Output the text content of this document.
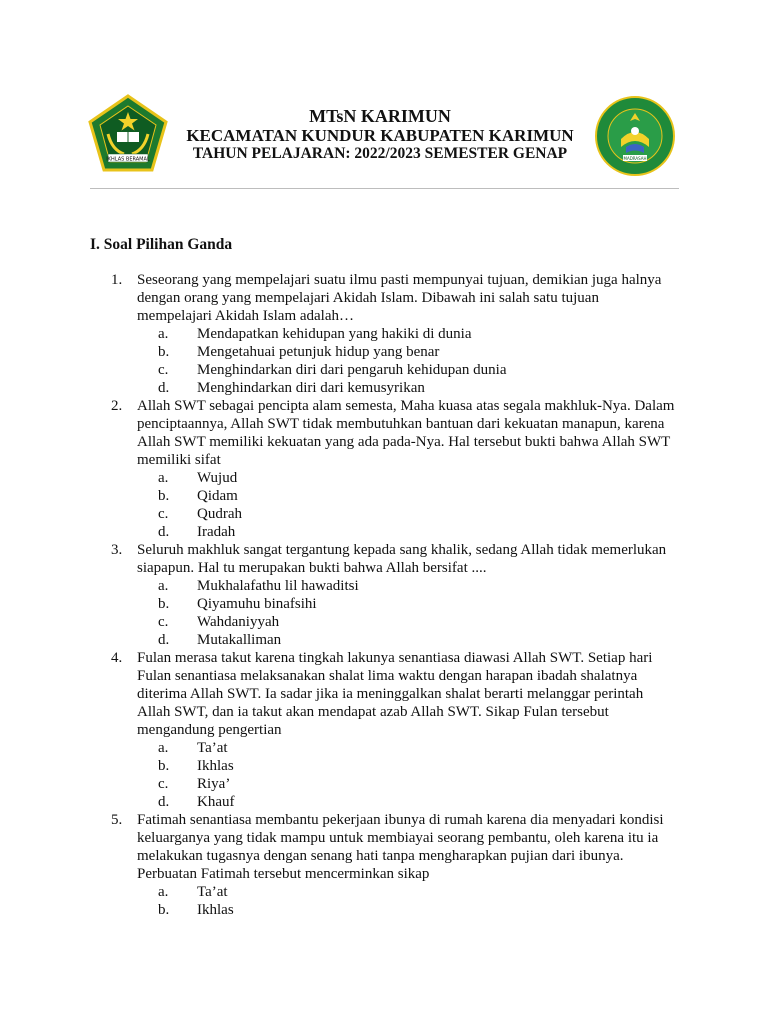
IKHLAS BERAMAL	MADRASAH
MTsN KARIMUN
KECAMATAN KUNDUR KABUPATEN KARIMUN
TAHUN PELAJARAN: 2022/2023 SEMESTER GENAP
I. Soal Pilihan Ganda
1. Seseorang yang mempelajari suatu ilmu pasti mempunyai tujuan, demikian juga halnya
dengan orang yang mempelajari Akidah Islam. Dibawah ini salah satu tujuan
mempelajari Akidah Islam adalah…
a. Mendapatkan kehidupan yang hakiki di dunia
b. Mengetahuai petunjuk hidup yang benar
c. Menghindarkan diri dari pengaruh kehidupan dunia
d. Menghindarkan diri dari kemusyrikan
2. Allah SWT sebagai pencipta alam semesta, Maha kuasa atas segala makhluk-Nya. Dalam
penciptaannya, Allah SWT tidak membutuhkan bantuan dari kekuatan manapun, karena
Allah SWT memiliki kekuatan yang ada pada-Nya. Hal tersebut bukti bahwa Allah SWT
memiliki sifat
a. Wujud
b. Qidam
c. Qudrah
d. Iradah
3. Seluruh makhluk sangat tergantung kepada sang khalik, sedang Allah tidak memerlukan
siapapun. Hal tu merupakan bukti bahwa Allah bersifat ....
a. Mukhalafathu lil hawaditsi
b. Qiyamuhu binafsihi
c. Wahdaniyyah
d. Mutakalliman
4. Fulan merasa takut karena tingkah lakunya senantiasa diawasi Allah SWT. Setiap hari
Fulan senantiasa melaksanakan shalat lima waktu dengan harapan ibadah shalatnya
diterima Allah SWT. Ia sadar jika ia meninggalkan shalat berarti melanggar perintah
Allah SWT, dan ia takut akan mendapat azab Allah SWT. Sikap Fulan tersebut
mengandung pengertian
a. Ta’at
b. Ikhlas
c. Riya’
d. Khauf
5. Fatimah senantiasa membantu pekerjaan ibunya di rumah karena dia menyadari kondisi
keluarganya yang tidak mampu untuk membiayai seorang pembantu, oleh karena itu ia
melakukan tugasnya dengan senang hati tanpa mengharapkan pujian dari ibunya.
Perbuatan Fatimah tersebut mencerminkan sikap
a. Ta’at
b. Ikhlas
